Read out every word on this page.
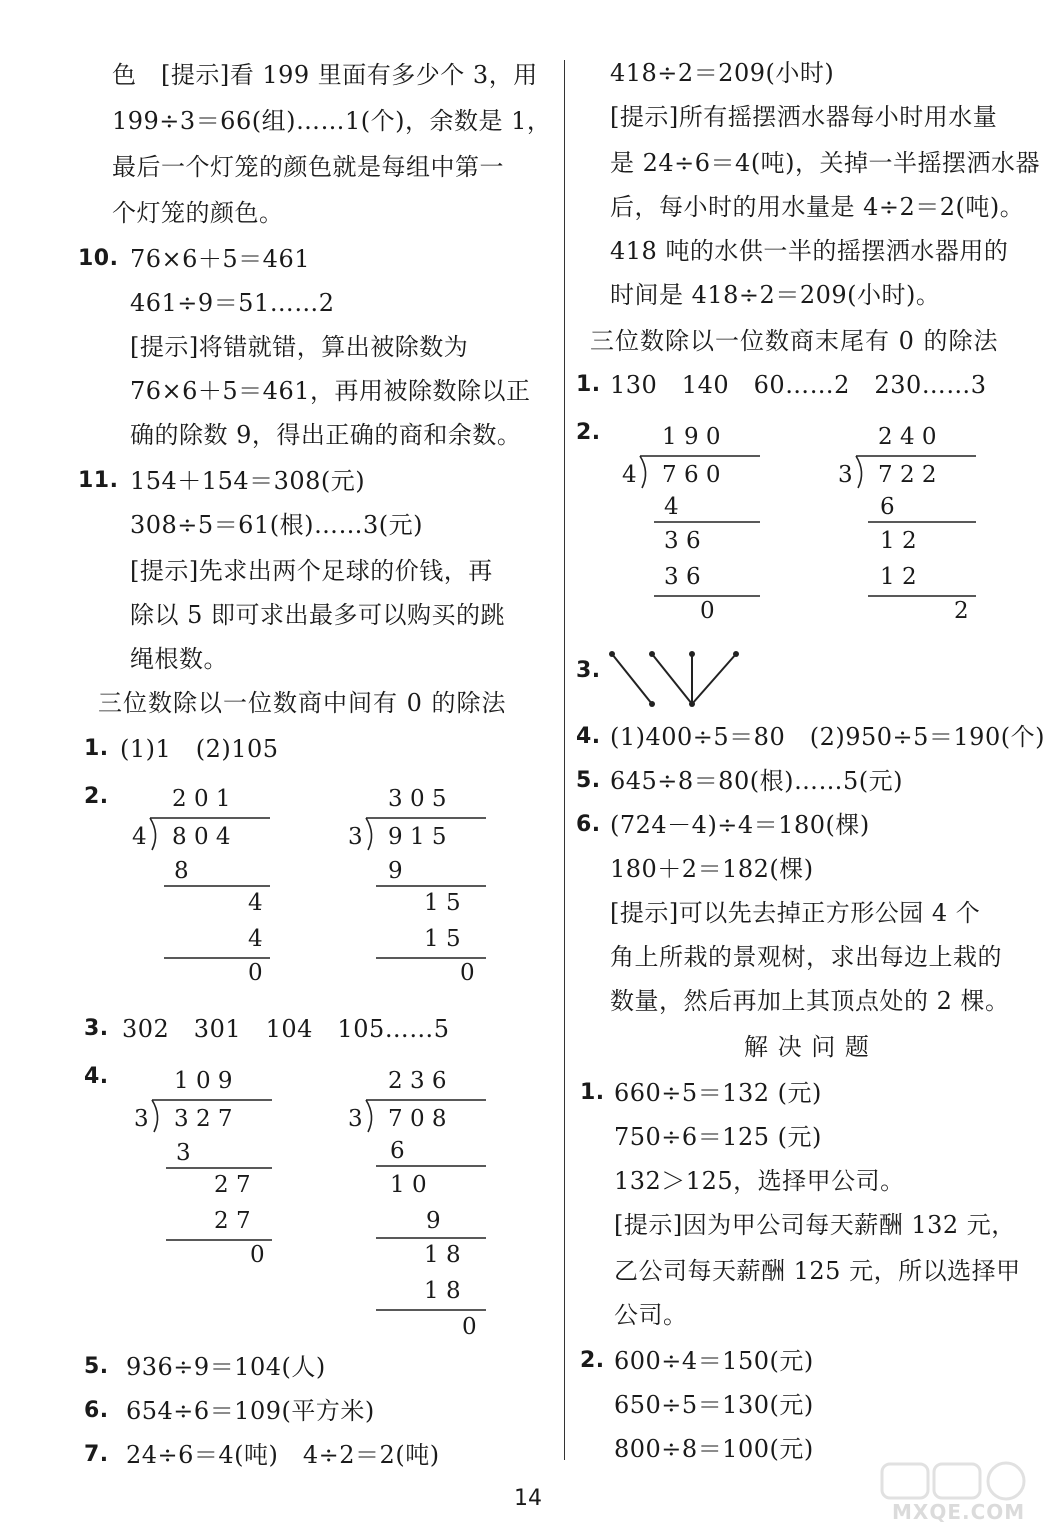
色　[提示]看 199 里面有多少个 3，用
199÷3＝66(组)……1(个)，余数是 1，
最后一个灯笼的颜色就是每组中第一
个灯笼的颜色。
10. 76×6＋5＝461
461÷9＝51……2
[提示]将错就错，算出被除数为
76×6＋5＝461，再用被除数除以正
确的除数 9，得出正确的商和余数。
11. 154＋154＝308(元)
308÷5＝61(根)……3(元)
[提示]先求出两个足球的价钱，再
除以 5 即可求出最多可以购买的跳
绳根数。
三位数除以一位数商中间有 0 的除法
1. (1)1　(2)105
2.	2 0 1
4 8 0 4
8
4
4
0
3 0 5
3 9 1 5
9
1 5
1 5
0
3. 302　301　104　105……5
4.	1 0 9
3 3 2 7
3
2 7
2 7
0
2 3 6
3 7 0 8
6
1 0
9
1 8
1 8
0
5. 936÷9＝104(人)
6. 654÷6＝109(平方米)
7. 24÷6＝4(吨)　4÷2＝2(吨)
418÷2＝209(小时)
[提示]所有摇摆洒水器每小时用水量
是 24÷6＝4(吨)，关掉一半摇摆洒水器
后，每小时的用水量是 4÷2＝2(吨)。
418 吨的水供一半的摇摆洒水器用的
时间是 418÷2＝209(小时)。
三位数除以一位数商末尾有 0 的除法
1. 130　140　60……2　230……3
2.	1 9 0
4 7 6 0
4
3 6
3 6
0
2 4 0
3 7 2 2
6
1 2
1 2
2
3.
4. (1)400÷5＝80　(2)950÷5＝190(个)
5. 645÷8＝80(根)……5(元)
6. (724－4)÷4＝180(棵)
180＋2＝182(棵)
[提示]可以先去掉正方形公园 4 个
角上所栽的景观树，求出每边上栽的
数量，然后再加上其顶点处的 2 棵。
解 决 问 题
1. 660÷5＝132 (元)
750÷6＝125 (元)
132＞125，选择甲公司。
[提示]因为甲公司每天薪酬 132 元，
乙公司每天薪酬 125 元，所以选择甲
公司。
2. 600÷4＝150(元)
650÷5＝130(元)
800÷8＝100(元)
14
MXQE.COM
